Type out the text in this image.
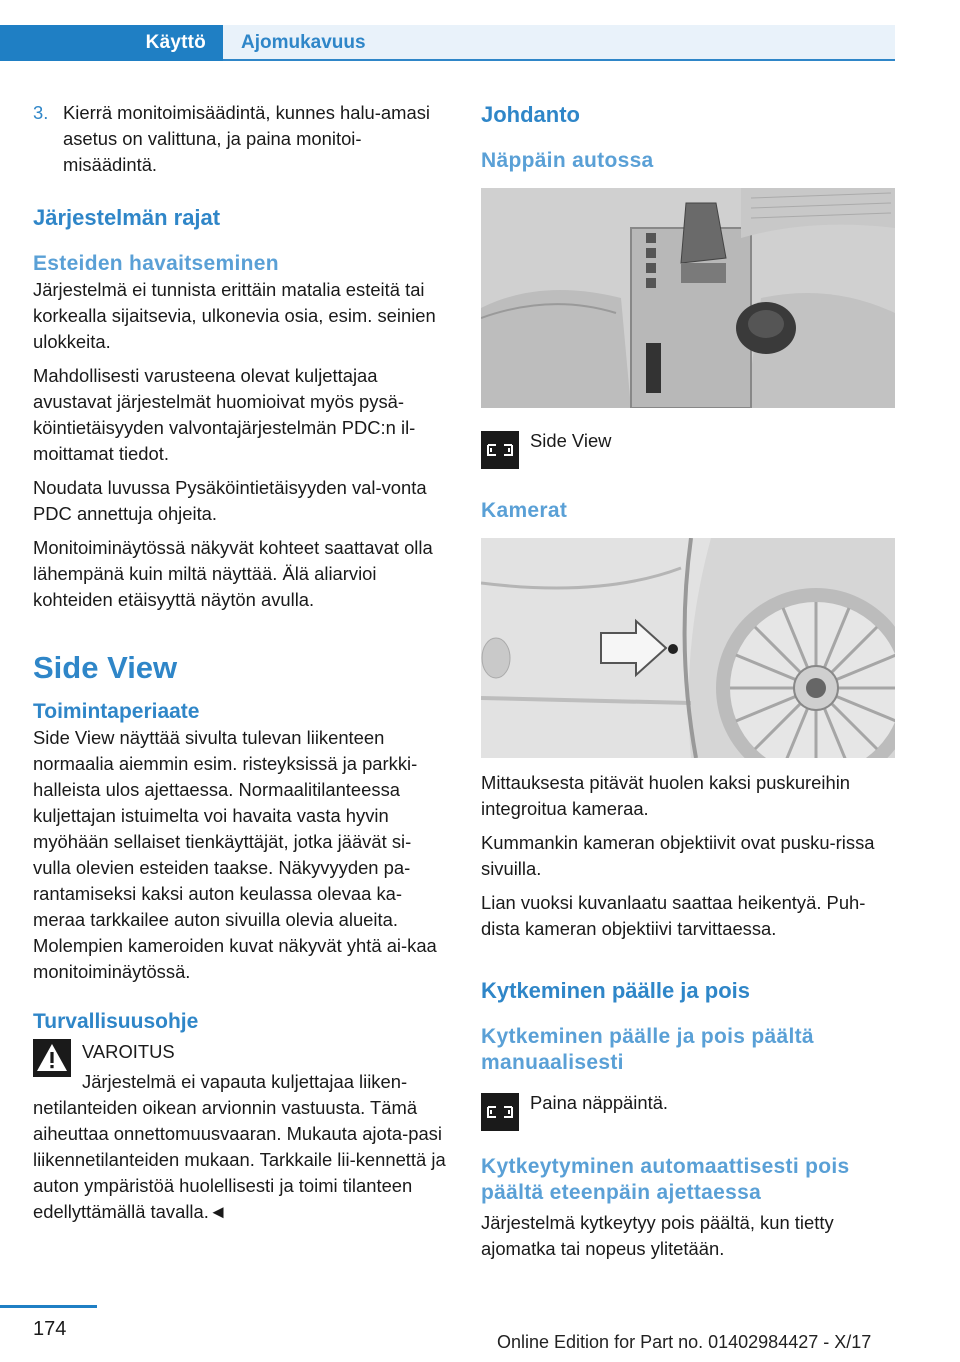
Käyttö	Ajomukavuus
3. Kierrä monitoimisäädintä, kunnes halu-amasi asetus on valittuna, ja paina monitoi-misäädintä.
Järjestelmän rajat
Esteiden havaitseminen

Järjestelmä ei tunnista erittäin matalia esteitä tai korkealla sijaitsevia, ulkonevia osia, esim. seinien ulokkeita.

Mahdollisesti varusteena olevat kuljettajaa avustavat järjestelmät huomioivat myös pysä-köintietäisyyden valvontajärjestelmän PDC:n il-moittamat tiedot.

Noudata luvussa Pysäköintietäisyyden val-vonta PDC annettuja ohjeita.

Monitoiminäytössä näkyvät kohteet saattavat olla lähempänä kuin miltä näyttää. Älä aliarvioi kohteiden etäisyyttä näytön avulla.

Side View
Toimintaperiaate

Side View näyttää sivulta tulevan liikenteen normaalia aiemmin esim. risteyksissä ja parkki-halleista ulos ajettaessa. Normaalitilanteessa kuljettajan istuimelta voi havaita vasta hyvin myöhään sellaiset tienkäyttäjät, jotka jäävät si-vulla olevien esteiden taakse. Näkyvyyden pa-rantamiseksi kaksi auton keulassa olevaa ka-meraa tarkkailee auton sivuilla olevia alueita. Molempien kameroiden kuvat näkyvät yhtä ai-kaa monitoiminäytössä.

Turvallisuusohje

VAROITUS

Järjestelmä ei vapauta kuljettajaa liiken-

netilanteiden oikean arvionnin vastuusta. Tämä aiheuttaa onnettomuusvaaran. Mukauta ajota-pasi liikennetilanteiden mukaan. Tarkkaile lii-kennettä ja auton ympäristöä huolellisesti ja toimi tilanteen edellyttämällä tavalla.◄

Johdanto
Näppäin autossa

Side View

Kamerat

Mittauksesta pitävät huolen kaksi puskureihin integroitua kameraa.

Kummankin kameran objektiivit ovat pusku-rissa sivuilla.

Lian vuoksi kuvanlaatu saattaa heikentyä. Puh-dista kameran objektiivi tarvittaessa.

Kytkeminen päälle ja pois
Kytkeminen päälle ja pois päältä manuaalisesti

Paina näppäintä.

Kytkeytyminen automaattisesti pois päältä eteenpäin ajettaessa

Järjestelmä kytkeytyy pois päältä, kun tietty ajomatka tai nopeus ylitetään.

174
Online Edition for Part no. 01402984427 - X/17
